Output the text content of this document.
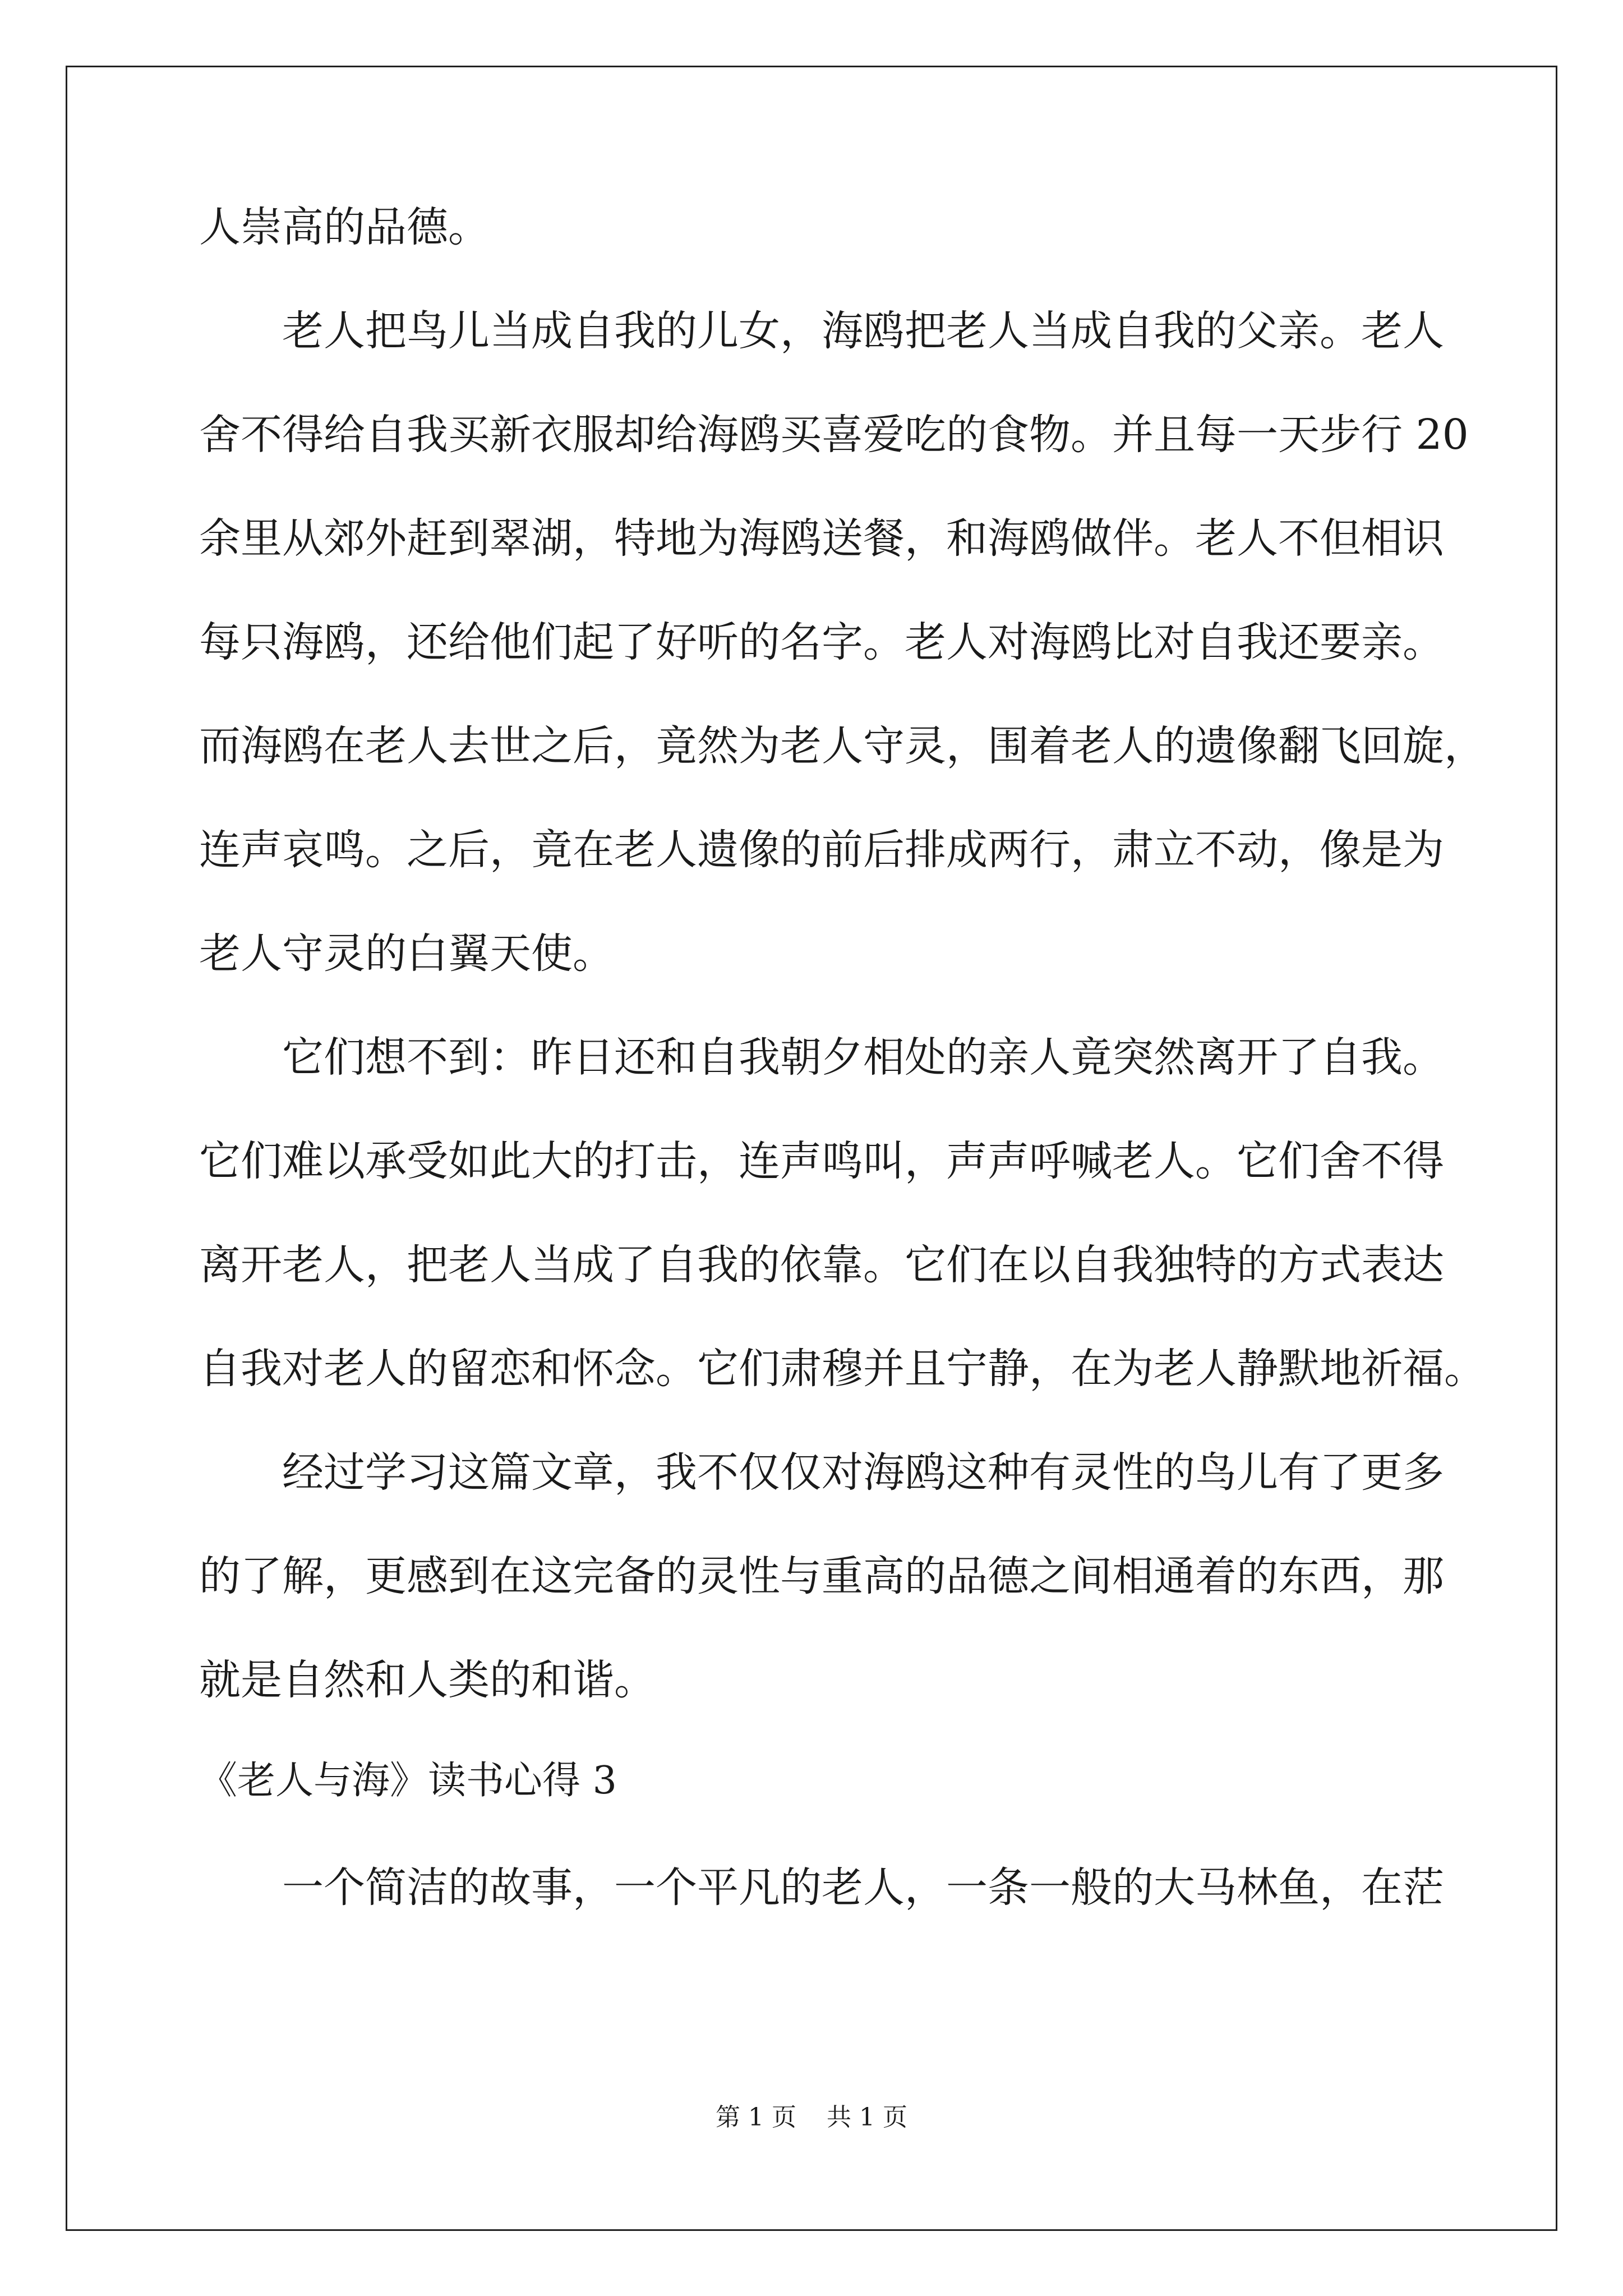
人崇高的品德。
老人把鸟儿当成自我的儿女，海鸥把老人当成自我的父亲。老人
舍不得给自我买新衣服却给海鸥买喜爱吃的食物。并且每一天步行 20
余里从郊外赶到翠湖，特地为海鸥送餐，和海鸥做伴。老人不但相识
每只海鸥，还给他们起了好听的名字。老人对海鸥比对自我还要亲。
而海鸥在老人去世之后，竟然为老人守灵，围着老人的遗像翻飞回旋，
连声哀鸣。之后，竟在老人遗像的前后排成两行，肃立不动，像是为
老人守灵的白翼天使。
它们想不到：昨日还和自我朝夕相处的亲人竟突然离开了自我。
它们难以承受如此大的打击，连声鸣叫，声声呼喊老人。它们舍不得
离开老人，把老人当成了自我的依靠。它们在以自我独特的方式表达
自我对老人的留恋和怀念。它们肃穆并且宁静，在为老人静默地祈福。
经过学习这篇文章，我不仅仅对海鸥这种有灵性的鸟儿有了更多
的了解，更感到在这完备的灵性与重高的品德之间相通着的东西，那
就是自然和人类的和谐。
《老人与海》读书心得 3
一个简洁的故事，一个平凡的老人，一条一般的大马林鱼，在茫
第 1 页 共 1 页
